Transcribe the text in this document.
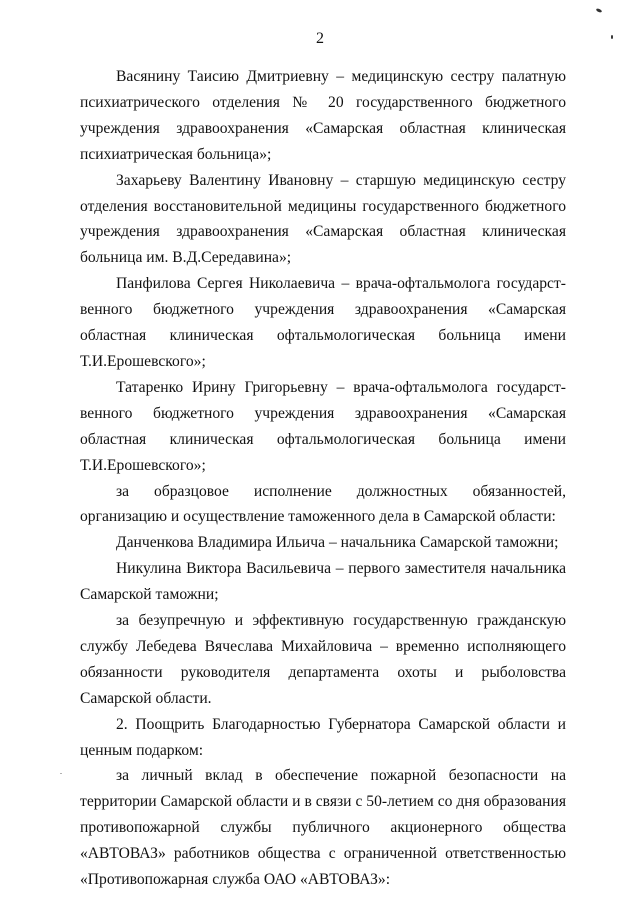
2

Васянину Таисию Дмитриевну – медицинскую сестру палатную психиатрического отделения № 20 государственного бюджетного учреждения здравоохранения «Самарская областная клиническая психиатрическая больница»;

Захарьеву Валентину Ивановну – старшую медицинскую сестру отделения восстановительной медицины государственного бюджетного учреждения здравоохранения «Самарская областная клиническая больница им. В.Д.Середавина»;

Панфилова Сергея Николаевича – врача-офтальмолога государственного бюджетного учреждения здравоохранения «Самарская областная клиническая офтальмологическая больница имени Т.И.Ерошевского»;

Татаренко Ирину Григорьевну – врача-офтальмолога государственного бюджетного учреждения здравоохранения «Самарская областная клиническая офтальмологическая больница имени Т.И.Ерошевского»;

за образцовое исполнение должностных обязанностей, организацию и осуществление таможенного дела в Самарской области:

Данченкова Владимира Ильича – начальника Самарской таможни;

Никулина Виктора Васильевича – первого заместителя начальника Самарской таможни;

за безупречную и эффективную государственную гражданскую службу Лебедева Вячеслава Михайловича – временно исполняющего обязанности руководителя департамента охоты и рыболовства Самарской области.

2. Поощрить Благодарностью Губернатора Самарской области и ценным подарком:

за личный вклад в обеспечение пожарной безопасности на территории Самарской области и в связи с 50-летием со дня образования противопожарной службы публичного акционерного общества «АВТОВАЗ» работников общества с ограниченной ответственностью «Противопожарная служба ОАО «АВТОВАЗ»:
